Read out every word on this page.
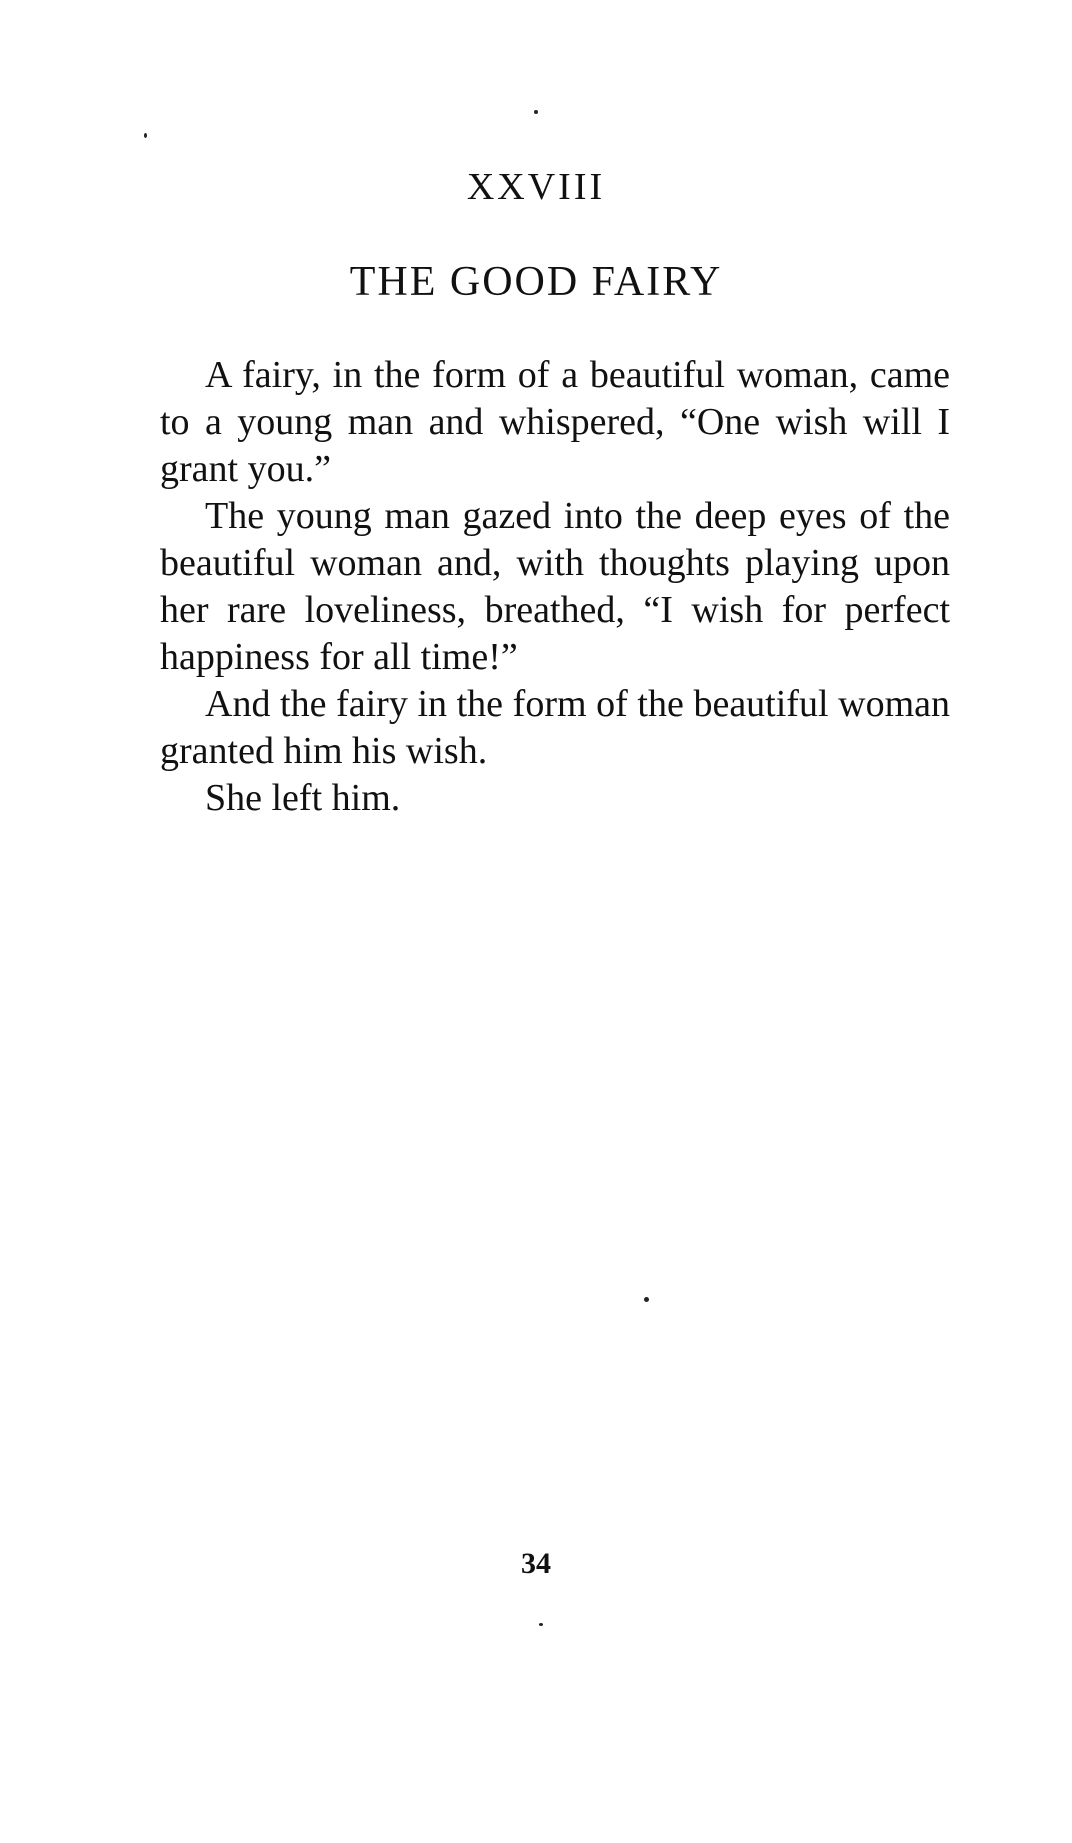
XXVIII
THE GOOD FAIRY

A fairy, in the form of a beautiful woman, came to a young man and whispered, “One wish will I grant you.”

The young man gazed into the deep eyes of the beautiful woman and, with thoughts playing upon her rare loveliness, breathed, “I wish for perfect happiness for all time!”

And the fairy in the form of the beautiful woman granted him his wish.

She left him.

34
